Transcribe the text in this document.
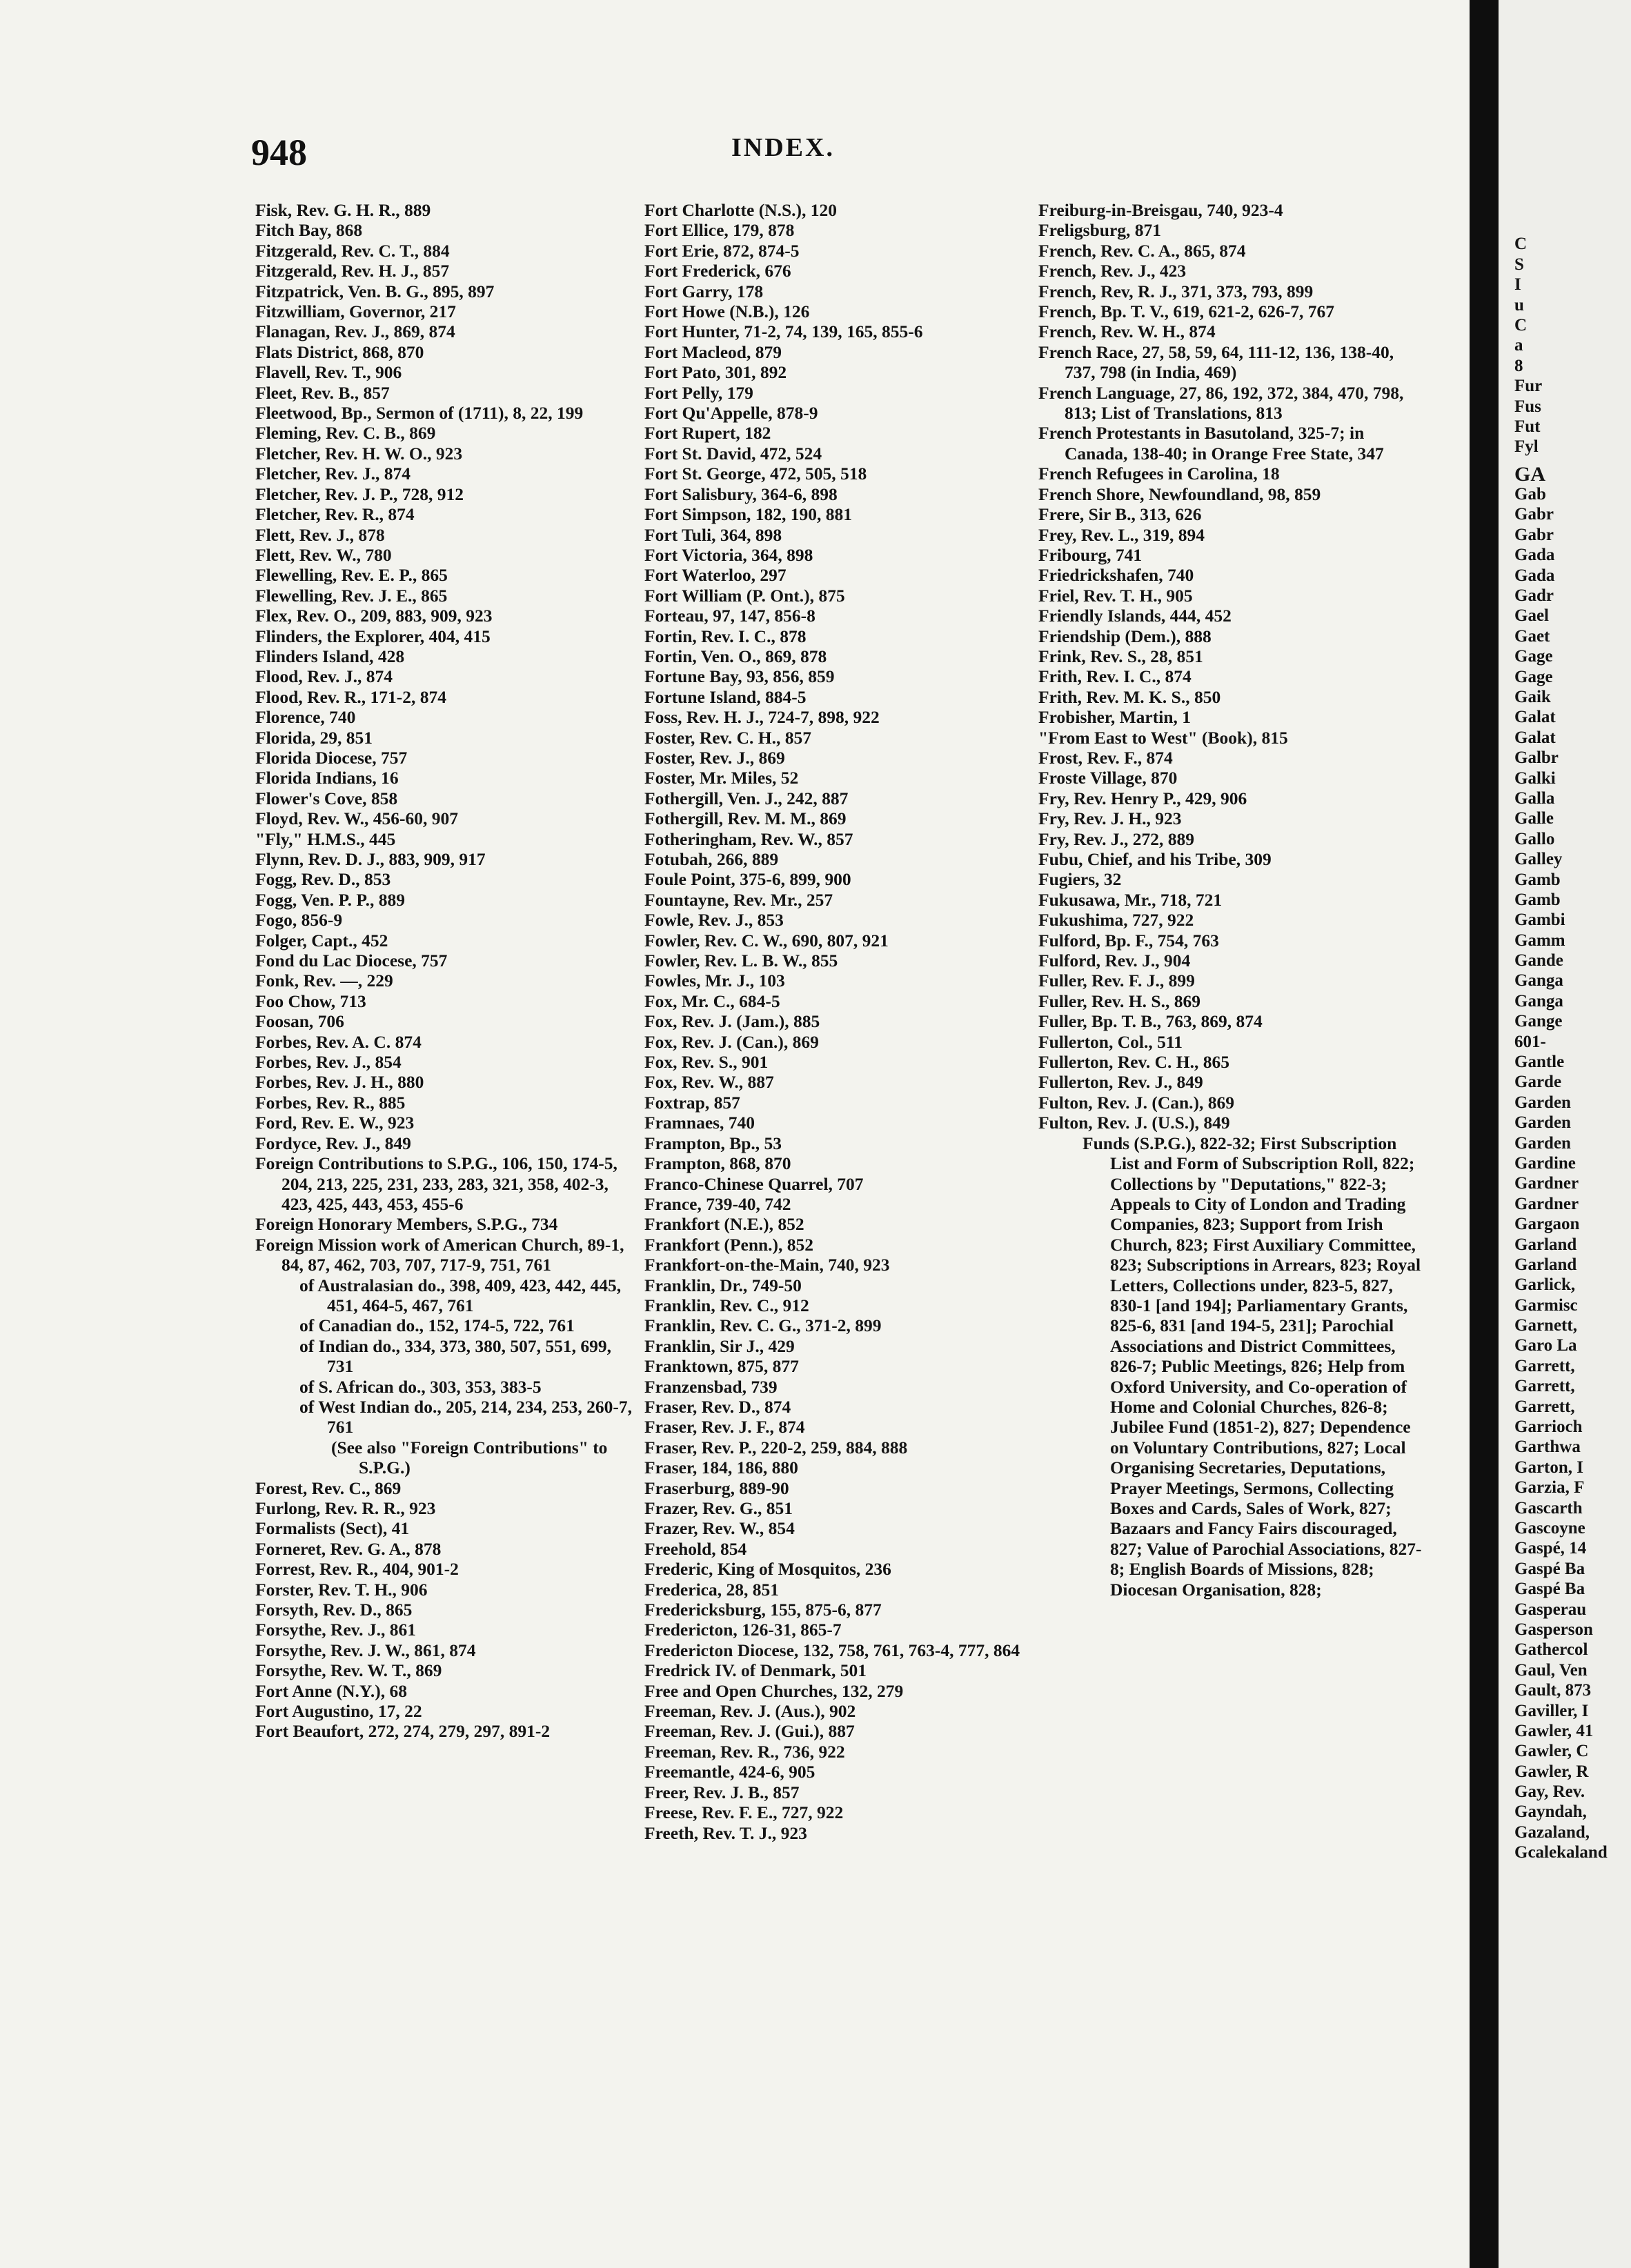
948	INDEX.
Fisk, Rev. G. H. R., 889
Fitch Bay, 868
Fitzgerald, Rev. C. T., 884
Fitzgerald, Rev. H. J., 857
Fitzpatrick, Ven. B. G., 895, 897
Fitzwilliam, Governor, 217
Flanagan, Rev. J., 869, 874
Flats District, 868, 870
Flavell, Rev. T., 906
Fleet, Rev. B., 857
Fleetwood, Bp., Sermon of (1711), 8, 22, 199
Fleming, Rev. C. B., 869
Fletcher, Rev. H. W. O., 923
Fletcher, Rev. J., 874
Fletcher, Rev. J. P., 728, 912
Fletcher, Rev. R., 874
Flett, Rev. J., 878
Flett, Rev. W., 780
Flewelling, Rev. E. P., 865
Flewelling, Rev. J. E., 865
Flex, Rev. O., 209, 883, 909, 923
Flinders, the Explorer, 404, 415
Flinders Island, 428
Flood, Rev. J., 874
Flood, Rev. R., 171-2, 874
Florence, 740
Florida, 29, 851
Florida Diocese, 757
Florida Indians, 16
Flower's Cove, 858
Floyd, Rev. W., 456-60, 907
"Fly," H.M.S., 445
Flynn, Rev. D. J., 883, 909, 917
Fogg, Rev. D., 853
Fogg, Ven. P. P., 889
Fogo, 856-9
Folger, Capt., 452
Fond du Lac Diocese, 757
Fonk, Rev. —, 229
Foo Chow, 713
Foosan, 706
Forbes, Rev. A. C. 874
Forbes, Rev. J., 854
Forbes, Rev. J. H., 880
Forbes, Rev. R., 885
Ford, Rev. E. W., 923
Fordyce, Rev. J., 849
Foreign Contributions to S.P.G., 106, 150, 174-5, 204, 213, 225, 231, 233, 283, 321, 358, 402-3, 423, 425, 443, 453, 455-6
Foreign Honorary Members, S.P.G., 734
Foreign Mission work of American Church, 89-1, 84, 87, 462, 703, 707, 717-9, 751, 761
of Australasian do., 398, 409, 423, 442, 445, 451, 464-5, 467, 761
of Canadian do., 152, 174-5, 722, 761
of Indian do., 334, 373, 380, 507, 551, 699, 731
of S. African do., 303, 353, 383-5
of West Indian do., 205, 214, 234, 253, 260-7, 761
(See also "Foreign Contributions" to S.P.G.)
Forest, Rev. C., 869
Furlong, Rev. R. R., 923
Formalists (Sect), 41
Forneret, Rev. G. A., 878
Forrest, Rev. R., 404, 901-2
Forster, Rev. T. H., 906
Forsyth, Rev. D., 865
Forsythe, Rev. J., 861
Forsythe, Rev. J. W., 861, 874
Forsythe, Rev. W. T., 869
Fort Anne (N.Y.), 68
Fort Augustino, 17, 22
Fort Beaufort, 272, 274, 279, 297, 891-2
Fort Charlotte (N.S.), 120
Fort Ellice, 179, 878
Fort Erie, 872, 874-5
Fort Frederick, 676
Fort Garry, 178
Fort Howe (N.B.), 126
Fort Hunter, 71-2, 74, 139, 165, 855-6
Fort Macleod, 879
Fort Pato, 301, 892
Fort Pelly, 179
Fort Qu'Appelle, 878-9
Fort Rupert, 182
Fort St. David, 472, 524
Fort St. George, 472, 505, 518
Fort Salisbury, 364-6, 898
Fort Simpson, 182, 190, 881
Fort Tuli, 364, 898
Fort Victoria, 364, 898
Fort Waterloo, 297
Fort William (P. Ont.), 875
Forteau, 97, 147, 856-8
Fortin, Rev. I. C., 878
Fortin, Ven. O., 869, 878
Fortune Bay, 93, 856, 859
Fortune Island, 884-5
Foss, Rev. H. J., 724-7, 898, 922
Foster, Rev. C. H., 857
Foster, Rev. J., 869
Foster, Mr. Miles, 52
Fothergill, Ven. J., 242, 887
Fothergill, Rev. M. M., 869
Fotheringham, Rev. W., 857
Fotubah, 266, 889
Foule Point, 375-6, 899, 900
Fountayne, Rev. Mr., 257
Fowle, Rev. J., 853
Fowler, Rev. C. W., 690, 807, 921
Fowler, Rev. L. B. W., 855
Fowles, Mr. J., 103
Fox, Mr. C., 684-5
Fox, Rev. J. (Jam.), 885
Fox, Rev. J. (Can.), 869
Fox, Rev. S., 901
Fox, Rev. W., 887
Foxtrap, 857
Framnaes, 740
Frampton, Bp., 53
Frampton, 868, 870
Franco-Chinese Quarrel, 707
France, 739-40, 742
Frankfort (N.E.), 852
Frankfort (Penn.), 852
Frankfort-on-the-Main, 740, 923
Franklin, Dr., 749-50
Franklin, Rev. C., 912
Franklin, Rev. C. G., 371-2, 899
Franklin, Sir J., 429
Franktown, 875, 877
Franzensbad, 739
Fraser, Rev. D., 874
Fraser, Rev. J. F., 874
Fraser, Rev. P., 220-2, 259, 884, 888
Fraser, 184, 186, 880
Fraserburg, 889-90
Frazer, Rev. G., 851
Frazer, Rev. W., 854
Freehold, 854
Frederic, King of Mosquitos, 236
Frederica, 28, 851
Fredericksburg, 155, 875-6, 877
Fredericton, 126-31, 865-7
Fredericton Diocese, 132, 758, 761, 763-4, 777, 864
Fredrick IV. of Denmark, 501
Free and Open Churches, 132, 279
Freeman, Rev. J. (Aus.), 902
Freeman, Rev. J. (Gui.), 887
Freeman, Rev. R., 736, 922
Freemantle, 424-6, 905
Freer, Rev. J. B., 857
Freese, Rev. F. E., 727, 922
Freeth, Rev. T. J., 923
Freiburg-in-Breisgau, 740, 923-4
Freligsburg, 871
French, Rev. C. A., 865, 874
French, Rev. J., 423
French, Rev, R. J., 371, 373, 793, 899
French, Bp. T. V., 619, 621-2, 626-7, 767
French, Rev. W. H., 874
French Race, 27, 58, 59, 64, 111-12, 136, 138-40, 737, 798 (in India, 469)
French Language, 27, 86, 192, 372, 384, 470, 798, 813; List of Translations, 813
French Protestants in Basutoland, 325-7; in Canada, 138-40; in Orange Free State, 347
French Refugees in Carolina, 18
French Shore, Newfoundland, 98, 859
Frere, Sir B., 313, 626
Frey, Rev. L., 319, 894
Fribourg, 741
Friedrickshafen, 740
Friel, Rev. T. H., 905
Friendly Islands, 444, 452
Friendship (Dem.), 888
Frink, Rev. S., 28, 851
Frith, Rev. I. C., 874
Frith, Rev. M. K. S., 850
Frobisher, Martin, 1
"From East to West" (Book), 815
Frost, Rev. F., 874
Froste Village, 870
Fry, Rev. Henry P., 429, 906
Fry, Rev. J. H., 923
Fry, Rev. J., 272, 889
Fubu, Chief, and his Tribe, 309
Fugiers, 32
Fukusawa, Mr., 718, 721
Fukushima, 727, 922
Fulford, Bp. F., 754, 763
Fulford, Rev. J., 904
Fuller, Rev. F. J., 899
Fuller, Rev. H. S., 869
Fuller, Bp. T. B., 763, 869, 874
Fullerton, Col., 511
Fullerton, Rev. C. H., 865
Fullerton, Rev. J., 849
Fulton, Rev. J. (Can.), 869
Fulton, Rev. J. (U.S.), 849
Funds (S.P.G.), 822-32; First Subscription List and Form of Subscription Roll, 822; Collections by "Deputations," 822-3; Appeals to City of London and Trading Companies, 823; Support from Irish Church, 823; First Auxiliary Committee, 823; Subscriptions in Arrears, 823; Royal Letters, Collections under, 823-5, 827, 830-1 [and 194]; Parliamentary Grants, 825-6, 831 [and 194-5, 231]; Parochial Associations and District Committees, 826-7; Public Meetings, 826; Help from Oxford University, and Co-operation of Home and Colonial Churches, 826-8; Jubilee Fund (1851-2), 827; Dependence on Voluntary Contributions, 827; Local Organising Secretaries, Deputations, Prayer Meetings, Sermons, Collecting Boxes and Cards, Sales of Work, 827; Bazaars and Fancy Fairs discouraged, 827; Value of Parochial Associations, 827-8; English Boards of Missions, 828; Diocesan Organisation, 828;
C
S
I
u
C
a
8
Fur
Fus
Fut
Fyl
GA
Gab
Gabr
Gabr
Gada
Gada
Gadr
Gael
Gaet
Gage
Gage
Gaik
Galat
Galat
Galbr
Galki
Galla
Galle
Gallo
Galley
Gamb
Gamb
Gambi
Gamm
Gande
Ganga
Ganga
Gange
601-
Gantle
Garde
Garden
Garden
Garden
Gardine
Gardner
Gardner
Gargaon
Garland
Garland
Garlick,
Garmisc
Garnett,
Garo La
Garrett,
Garrett,
Garrett,
Garrioch
Garthwa
Garton, I
Garzia, F
Gascarth
Gascoyne
Gaspé, 14
Gaspé Ba
Gaspé Ba
Gasperau
Gasperson
Gathercol
Gaul, Ven
Gault, 873
Gaviller, I
Gawler, 41
Gawler, C
Gawler, R
Gay, Rev.
Gayndah,
Gazaland,
Gcalekaland
